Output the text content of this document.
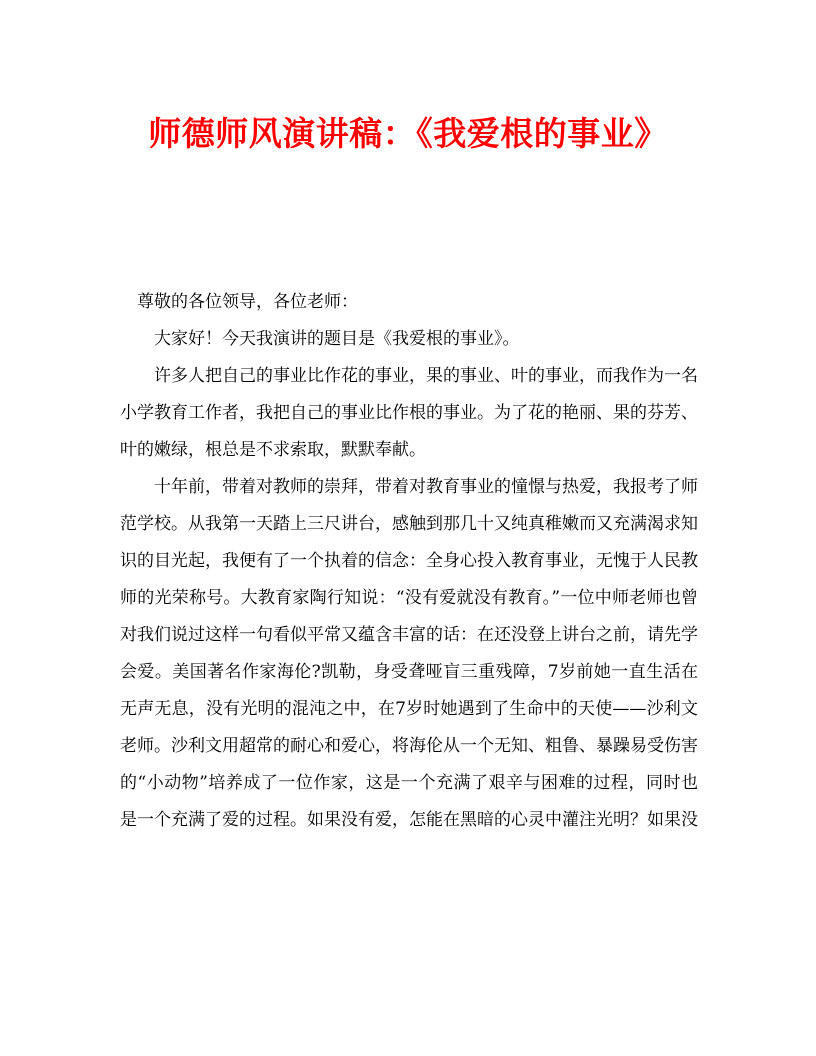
师德师风演讲稿：《我爱根的事业》

尊敬的各位领导，各位老师：

大家好！今天我演讲的题目是《我爱根的事业》。

许多人把自己的事业比作花的事业，果的事业、叶的事业，而我作为一名小学教育工作者，我把自己的事业比作根的事业。为了花的艳丽、果的芬芳、叶的嫩绿，根总是不求索取，默默奉献。

十年前，带着对教师的崇拜，带着对教育事业的憧憬与热爱，我报考了师范学校。从我第一天踏上三尺讲台，感触到那几十又纯真稚嫩而又充满渴求知识的目光起，我便有了一个执着的信念：全身心投入教育事业，无愧于人民教师的光荣称号。大教育家陶行知说：“没有爱就没有教育。”一位中师老师也曾对我们说过这样一句看似平常又蕴含丰富的话：在还没登上讲台之前，请先学会爱。美国著名作家海伦?凯勒，身受聋哑盲三重残障，7岁前她一直生活在无声无息，没有光明的混沌之中，在7岁时她遇到了生命中的天使——沙利文老师。沙利文用超常的耐心和爱心，将海伦从一个无知、粗鲁、暴躁易受伤害的“小动物”培养成了一位作家，这是一个充满了艰辛与困难的过程，同时也是一个充满了爱的过程。如果没有爱，怎能在黑暗的心灵中灌注光明？如果没
